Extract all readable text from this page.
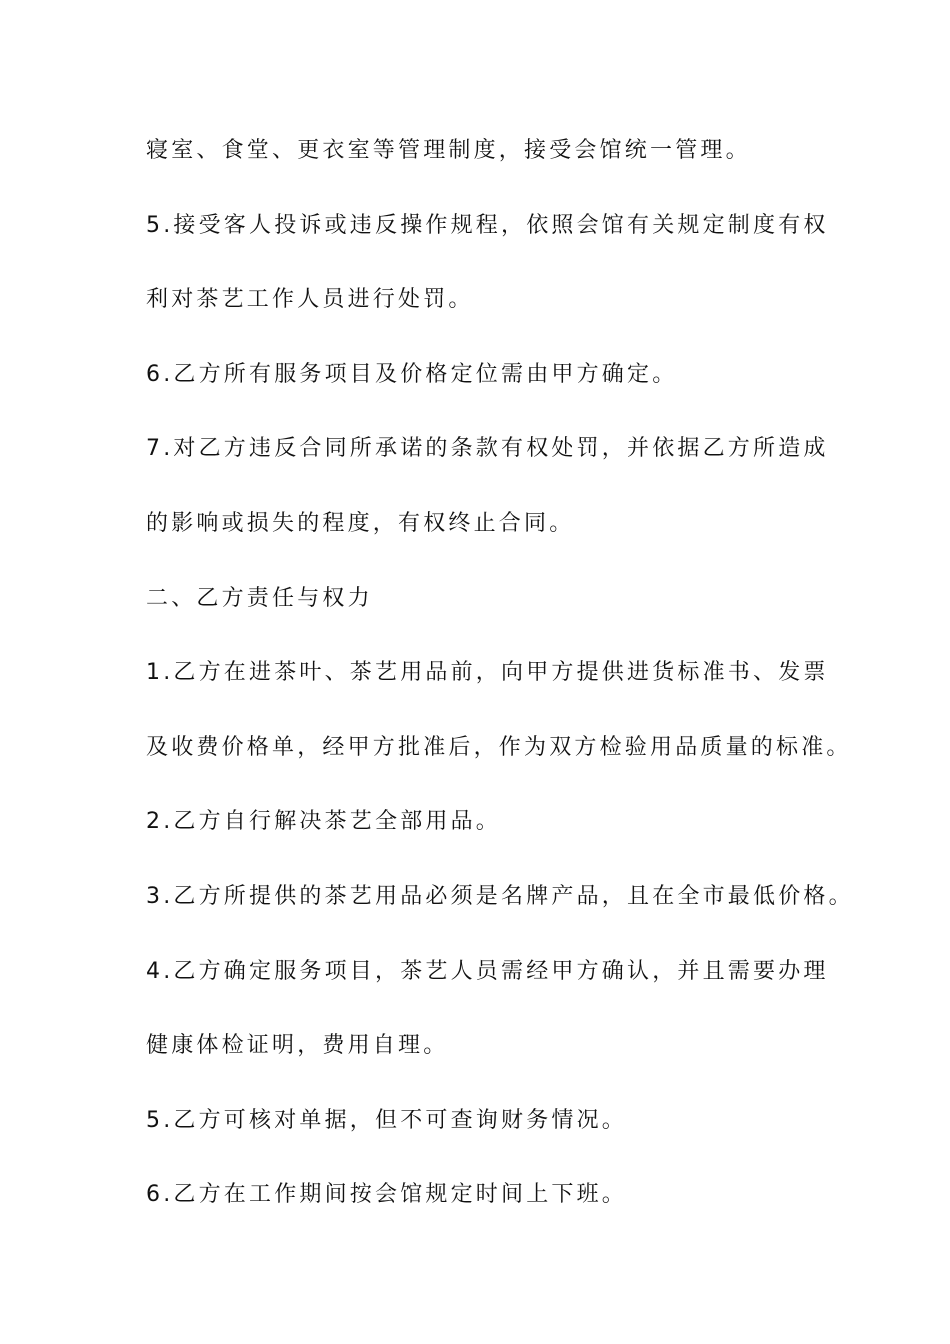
寝室、食堂、更衣室等管理制度，接受会馆统一管理。

5.接受客人投诉或违反操作规程，依照会馆有关规定制度有权

利对茶艺工作人员进行处罚。

6.乙方所有服务项目及价格定位需由甲方确定。

7.对乙方违反合同所承诺的条款有权处罚，并依据乙方所造成

的影响或损失的程度，有权终止合同。

二、乙方责任与权力

1.乙方在进茶叶、茶艺用品前，向甲方提供进货标准书、发票

及收费价格单，经甲方批准后，作为双方检验用品质量的标准。

2.乙方自行解决茶艺全部用品。

3.乙方所提供的茶艺用品必须是名牌产品，且在全市最低价格。

4.乙方确定服务项目，茶艺人员需经甲方确认，并且需要办理

健康体检证明，费用自理。

5.乙方可核对单据，但不可查询财务情况。

6.乙方在工作期间按会馆规定时间上下班。
